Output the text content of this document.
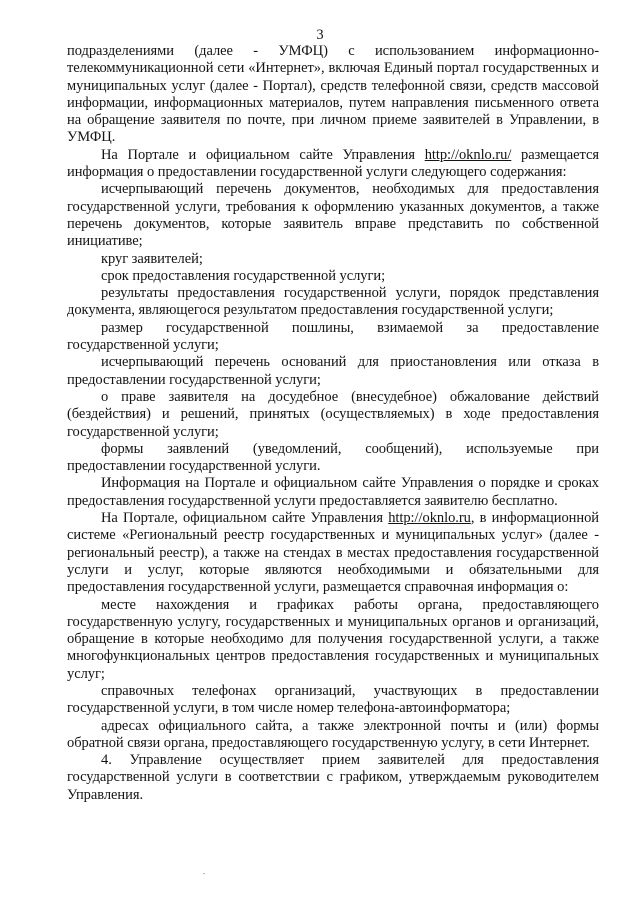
3

подразделениями (далее - УМФЦ) с использованием информационно-телекоммуникационной сети «Интернет», включая Единый портал государственных и муниципальных услуг (далее - Портал), средств телефонной связи, средств массовой информации, информационных материалов, путем направления письменного ответа на обращение заявителя по почте, при личном приеме заявителей в Управлении, в УМФЦ.

На Портале и официальном сайте Управления http://oknlo.ru/ размещается информация о предоставлении государственной услуги следующего содержания:

исчерпывающий перечень документов, необходимых для предоставления государственной услуги, требования к оформлению указанных документов, а также перечень документов, которые заявитель вправе представить по собственной инициативе;

круг заявителей;

срок предоставления государственной услуги;

результаты предоставления государственной услуги, порядок представления документа, являющегося результатом предоставления государственной услуги;

размер государственной пошлины, взимаемой за предоставление государственной услуги;

исчерпывающий перечень оснований для приостановления или отказа в предоставлении государственной услуги;

о праве заявителя на досудебное (внесудебное) обжалование действий (бездействия) и решений, принятых (осуществляемых) в ходе предоставления государственной услуги;

формы заявлений (уведомлений, сообщений), используемые при предоставлении государственной услуги.

Информация на Портале и официальном сайте Управления о порядке и сроках предоставления государственной услуги предоставляется заявителю бесплатно.

На Портале, официальном сайте Управления http://oknlo.ru, в информационной системе «Региональный реестр государственных и муниципальных услуг» (далее - региональный реестр), а также на стендах в местах предоставления государственной услуги и услуг, которые являются необходимыми и обязательными для предоставления государственной услуги, размещается справочная информация о:

месте нахождения и графиках работы органа, предоставляющего государственную услугу, государственных и муниципальных органов и организаций, обращение в которые необходимо для получения государственной услуги, а также многофункциональных центров предоставления государственных и муниципальных услуг;

справочных телефонах организаций, участвующих в предоставлении государственной услуги, в том числе номер телефона-автоинформатора;

адресах официального сайта, а также электронной почты и (или) формы обратной связи органа, предоставляющего государственную услугу, в сети Интернет.

4. Управление осуществляет прием заявителей для предоставления государственной услуги в соответствии с графиком, утверждаемым руководителем Управления.
